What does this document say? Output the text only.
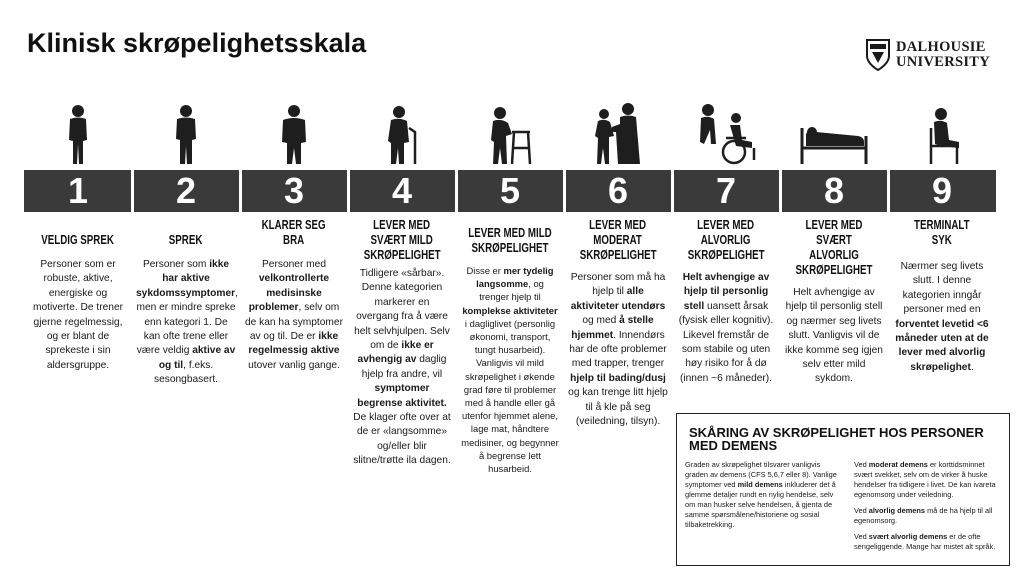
Klinisk skrøpelighetsskala	DALHOUSIE
UNIVERSITY
1	2	3	4	5	6	7	8	9
VELDIG SPREK
Personer som er robuste, aktive, energiske og motiverte. De trener gjerne regelmessig, og er blant de sprekeste i sin aldersgruppe.
SPREK
Personer som ikke har aktive sykdomssymptomer, men er mindre spreke enn kategori 1. De kan ofte trene eller være veldig aktive av og til, f.eks. sesongbasert.
KLARER SEG BRA
Personer med velkontrollerte medisinske problemer, selv om de kan ha symptomer av og til. De er ikke regelmessig aktive utover vanlig gange.
LEVER MED SVÆRT MILD SKRØPELIGHET
Tidligere «sårbar». Denne kategorien markerer en overgang fra å være helt selvhjulpen. Selv om de ikke er avhengig av daglig hjelp fra andre, vil symptomer begrense aktivitet. De klager ofte over at de er «langsomme» og/eller blir slitne/trøtte ila dagen.
LEVER MED MILD SKRØPELIGHET
Disse er mer tydelig langsomme, og trenger hjelp til komplekse aktiviteter i dagliglivet (personlig økonomi, transport, tungt husarbeid). Vanligvis vil mild skrøpelighet i økende grad føre til problemer med å handle eller gå utenfor hjemmet alene, lage mat, håndtere medisiner, og begynner å begrense lett husarbeid.
LEVER MED MODERAT SKRØPELIGHET
Personer som må ha hjelp til alle aktiviteter utendørs og med å stelle hjemmet. Innendørs har de ofte problemer med trapper, trenger hjelp til bading/dusj og kan trenge litt hjelp til å kle på seg (veiledning, tilsyn).
LEVER MED ALVORLIG SKRØPELIGHET
Helt avhengige av hjelp til personlig stell uansett årsak (fysisk eller kognitiv). Likevel fremstår de som stabile og uten høy risiko for å dø (innen ~6 måneder).
LEVER MED SVÆRT ALVORLIG SKRØPELIGHET
Helt avhengige av hjelp til personlig stell og nærmer seg livets slutt. Vanligvis vil de ikke komme seg igjen selv etter mild sykdom.
TERMINALT SYK
Nærmer seg livets slutt. I denne kategorien inngår personer med en forventet levetid <6 måneder uten at de lever med alvorlig skrøpelighet.
SKÅRING AV SKRØPELIGHET HOS PERSONER MED DEMENS
Graden av skrøpelighet tilsvarer vanligvis graden av demens (CFS 5,6,7 eller 8). Vanlige symptomer ved mild demens inkluderer det å glemme detaljer rundt en nylig hendelse, selv om man husker selve hendelsen, å gjenta de samme spørsmålene/historiene og sosial tilbaketrekking.

Ved moderat demens er korttidsminnet svært svekket, selv om de virker å huske hendelser fra tidligere i livet. De kan ivareta egenomsorg under veiledning.

Ved alvorlig demens må de ha hjelp til all egenomsorg.

Ved svært alvorlig demens er de ofte sengeliggende. Mange har mistet alt språk.
